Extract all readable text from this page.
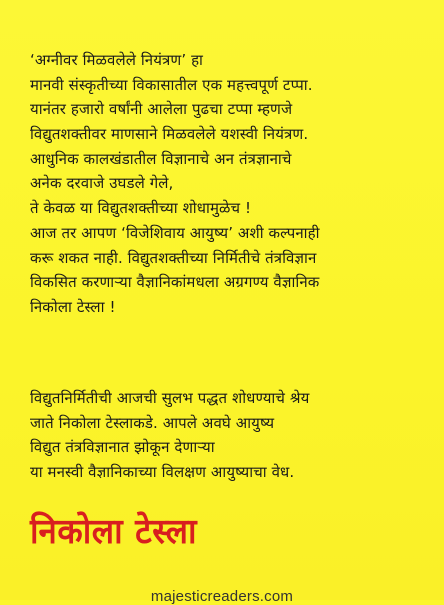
‘अग्नीवर मिळवलेले नियंत्रण’ हा
मानवी संस्कृतीच्या विकासातील एक महत्त्वपूर्ण टप्पा.
यानंतर हजारो वर्षांनी आलेला पुढचा टप्पा म्हणजे
विद्युतशक्तीवर माणसाने मिळवलेले यशस्वी नियंत्रण.
आधुनिक कालखंडातील विज्ञानाचे अन तंत्रज्ञानाचे
अनेक दरवाजे उघडले गेले,
ते केवळ या विद्युतशक्तीच्या शोधामुळेच !
आज तर आपण ‘विजेशिवाय आयुष्य’ अशी कल्पनाही
करू शकत नाही. विद्युतशक्तीच्या निर्मितीचे तंत्रविज्ञान
विकसित करणाऱ्या वैज्ञानिकांमधला अग्रगण्य वैज्ञानिक
निकोला टेस्ला !
विद्युतनिर्मितीची आजची सुलभ पद्धत शोधण्याचे श्रेय
जाते निकोला टेस्लाकडे. आपले अवघे आयुष्य
विद्युत तंत्रविज्ञानात झोकून देणाऱ्या
या मनस्वी वैज्ञानिकाच्या विलक्षण आयुष्याचा वेध.
निकोला टेस्ला
majesticreaders.com
